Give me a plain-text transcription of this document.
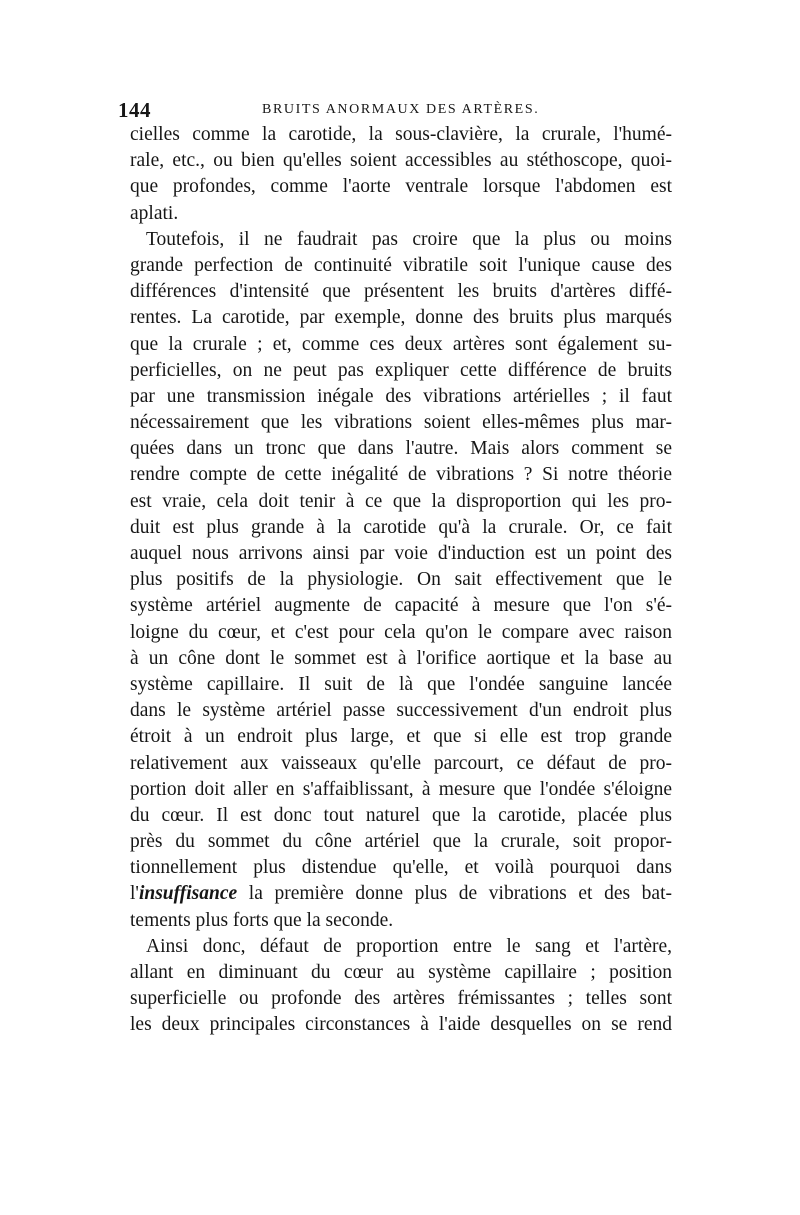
144	BRUITS ANORMAUX DES ARTÈRES.
cielles comme la carotide, la sous-clavière, la crurale, l'humé-
rale, etc., ou bien qu'elles soient accessibles au stéthoscope, quoi-
que profondes, comme l'aorte ventrale lorsque l'abdomen est
aplati.
Toutefois, il ne faudrait pas croire que la plus ou moins
grande perfection de continuité vibratile soit l'unique cause des
différences d'intensité que présentent les bruits d'artères diffé-
rentes. La carotide, par exemple, donne des bruits plus marqués
que la crurale ; et, comme ces deux artères sont également su-
perficielles, on ne peut pas expliquer cette différence de bruits
par une transmission inégale des vibrations artérielles ; il faut
nécessairement que les vibrations soient elles-mêmes plus mar-
quées dans un tronc que dans l'autre. Mais alors comment se
rendre compte de cette inégalité de vibrations ? Si notre théorie
est vraie, cela doit tenir à ce que la disproportion qui les pro-
duit est plus grande à la carotide qu'à la crurale. Or, ce fait
auquel nous arrivons ainsi par voie d'induction est un point des
plus positifs de la physiologie. On sait effectivement que le
système artériel augmente de capacité à mesure que l'on s'é-
loigne du cœur, et c'est pour cela qu'on le compare avec raison
à un cône dont le sommet est à l'orifice aortique et la base au
système capillaire. Il suit de là que l'ondée sanguine lancée
dans le système artériel passe successivement d'un endroit plus
étroit à un endroit plus large, et que si elle est trop grande
relativement aux vaisseaux qu'elle parcourt, ce défaut de pro-
portion doit aller en s'affaiblissant, à mesure que l'ondée s'éloigne
du cœur. Il est donc tout naturel que la carotide, placée plus
près du sommet du cône artériel que la crurale, soit propor-
tionnellement plus distendue qu'elle, et voilà pourquoi dans
l'insuffisance la première donne plus de vibrations et des bat-
tements plus forts que la seconde.
Ainsi donc, défaut de proportion entre le sang et l'artère,
allant en diminuant du cœur au système capillaire ; position
superficielle ou profonde des artères frémissantes ; telles sont
les deux principales circonstances à l'aide desquelles on se rend
